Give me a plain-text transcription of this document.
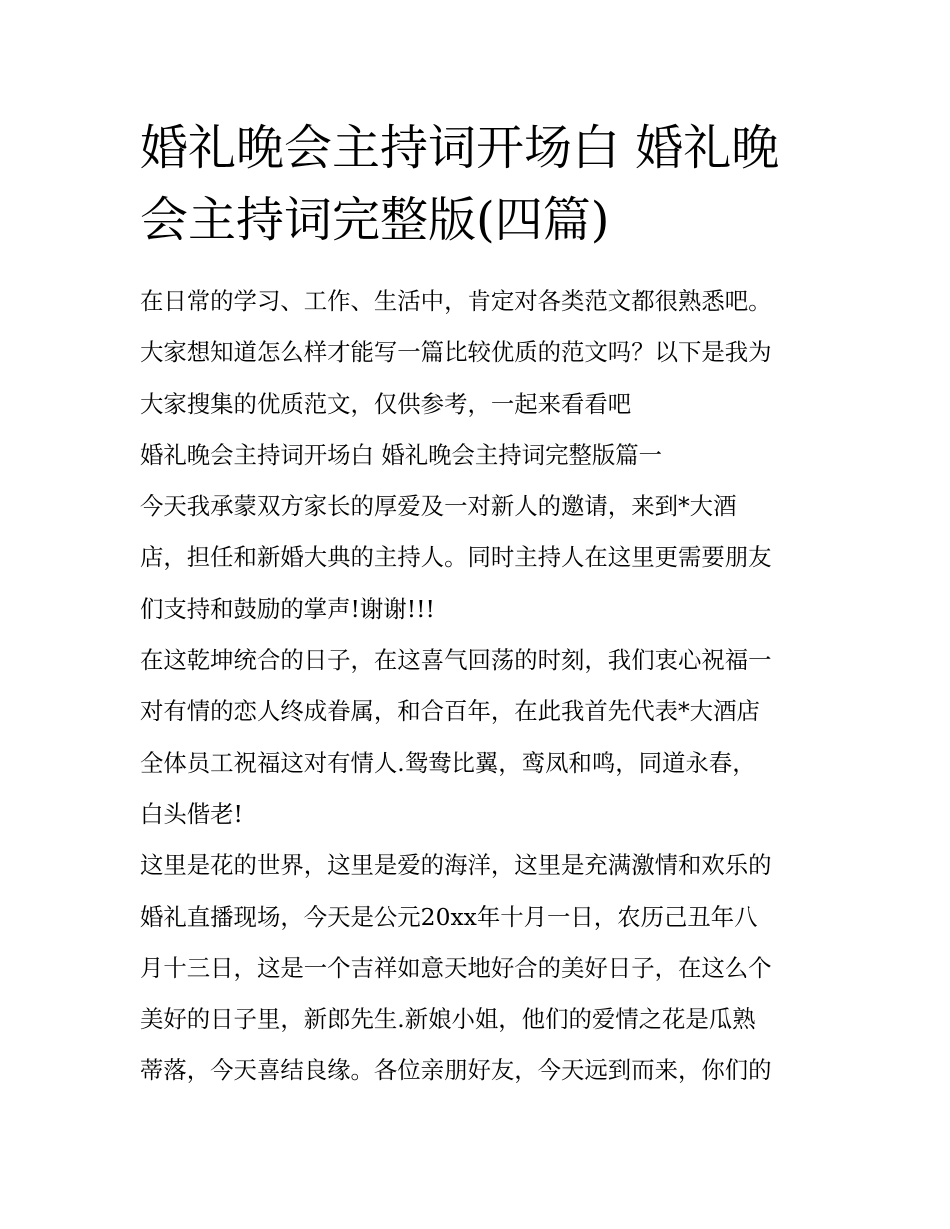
婚礼晚会主持词开场白 婚礼晚
会主持词完整版(四篇)
在日常的学习、工作、生活中，肯定对各类范文都很熟悉吧。
大家想知道怎么样才能写一篇比较优质的范文吗？以下是我为
大家搜集的优质范文，仅供参考，一起来看看吧
婚礼晚会主持词开场白 婚礼晚会主持词完整版篇一
今天我承蒙双方家长的厚爱及一对新人的邀请，来到*大酒
店，担任和新婚大典的主持人。同时主持人在这里更需要朋友
们支持和鼓励的掌声!谢谢!!!
在这乾坤统合的日子，在这喜气回荡的时刻，我们衷心祝福一
对有情的恋人终成眷属，和合百年，在此我首先代表*大酒店
全体员工祝福这对有情人.鸳鸯比翼，鸾凤和鸣，同道永春，
白头偕老!
这里是花的世界，这里是爱的海洋，这里是充满激情和欢乐的
婚礼直播现场，今天是公元20xx年十月一日，农历己丑年八
月十三日，这是一个吉祥如意天地好合的美好日子，在这么个
美好的日子里，新郎先生.新娘小姐，他们的爱情之花是瓜熟
蒂落，今天喜结良缘。各位亲朋好友，今天远到而来，你们的
